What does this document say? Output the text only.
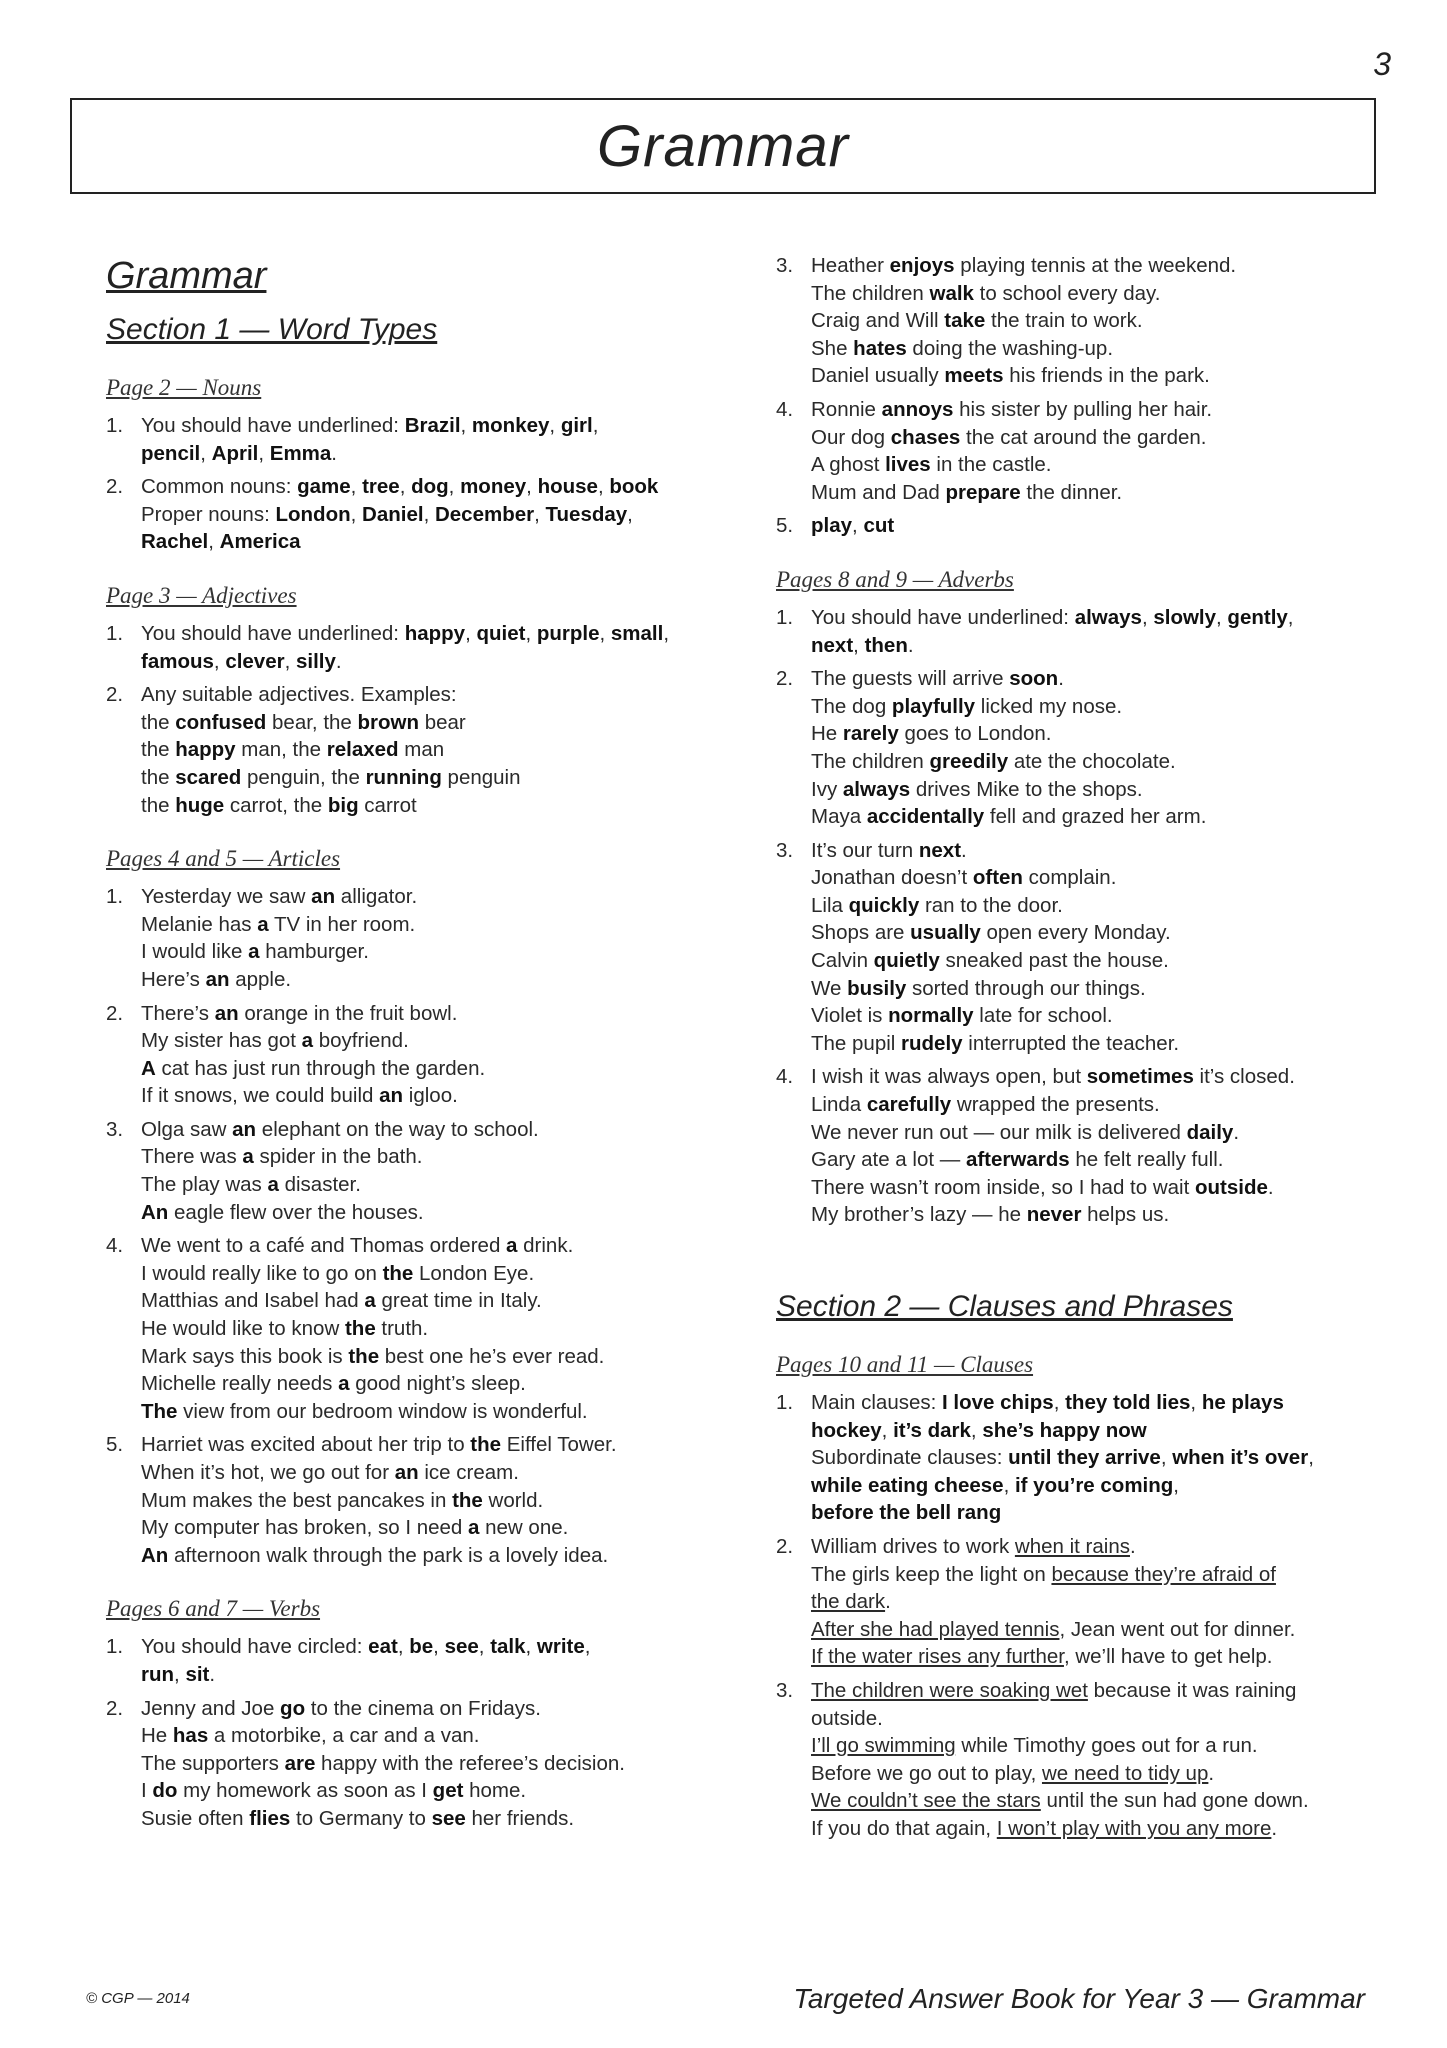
3
Grammar
Grammar
Section 1 — Word Types
Page 2 — Nouns
1. You should have underlined: Brazil, monkey, girl,
pencil, April, Emma.
2. Common nouns: game, tree, dog, money, house, book
Proper nouns: London, Daniel, December, Tuesday,
Rachel, America
Page 3 — Adjectives
1. You should have underlined: happy, quiet, purple, small,
famous, clever, silly.
2. Any suitable adjectives. Examples:
the confused bear, the brown bear
the happy man, the relaxed man
the scared penguin, the running penguin
the huge carrot, the big carrot
Pages 4 and 5 — Articles
1. Yesterday we saw an alligator.
Melanie has a TV in her room.
I would like a hamburger.
Here’s an apple.
2. There’s an orange in the fruit bowl.
My sister has got a boyfriend.
A cat has just run through the garden.
If it snows, we could build an igloo.
3. Olga saw an elephant on the way to school.
There was a spider in the bath.
The play was a disaster.
An eagle flew over the houses.
4. We went to a café and Thomas ordered a drink.
I would really like to go on the London Eye.
Matthias and Isabel had a great time in Italy.
He would like to know the truth.
Mark says this book is the best one he’s ever read.
Michelle really needs a good night’s sleep.
The view from our bedroom window is wonderful.
5. Harriet was excited about her trip to the Eiffel Tower.
When it’s hot, we go out for an ice cream.
Mum makes the best pancakes in the world.
My computer has broken, so I need a new one.
An afternoon walk through the park is a lovely idea.
Pages 6 and 7 — Verbs
1. You should have circled: eat, be, see, talk, write,
run, sit.
2. Jenny and Joe go to the cinema on Fridays.
He has a motorbike, a car and a van.
The supporters are happy with the referee’s decision.
I do my homework as soon as I get home.
Susie often flies to Germany to see her friends.
3. Heather enjoys playing tennis at the weekend.
The children walk to school every day.
Craig and Will take the train to work.
She hates doing the washing-up.
Daniel usually meets his friends in the park.
4. Ronnie annoys his sister by pulling her hair.
Our dog chases the cat around the garden.
A ghost lives in the castle.
Mum and Dad prepare the dinner.
5. play, cut
Pages 8 and 9 — Adverbs
1. You should have underlined: always, slowly, gently,
next, then.
2. The guests will arrive soon.
The dog playfully licked my nose.
He rarely goes to London.
The children greedily ate the chocolate.
Ivy always drives Mike to the shops.
Maya accidentally fell and grazed her arm.
3. It’s our turn next.
Jonathan doesn’t often complain.
Lila quickly ran to the door.
Shops are usually open every Monday.
Calvin quietly sneaked past the house.
We busily sorted through our things.
Violet is normally late for school.
The pupil rudely interrupted the teacher.
4. I wish it was always open, but sometimes it’s closed.
Linda carefully wrapped the presents.
We never run out — our milk is delivered daily.
Gary ate a lot — afterwards he felt really full.
There wasn’t room inside, so I had to wait outside.
My brother’s lazy — he never helps us.
Section 2 — Clauses and Phrases
Pages 10 and 11 — Clauses
1. Main clauses: I love chips, they told lies, he plays
hockey, it’s dark, she’s happy now
Subordinate clauses: until they arrive, when it’s over,
while eating cheese, if you’re coming,
before the bell rang
2. William drives to work when it rains.
The girls keep the light on because they’re afraid of
the dark.
After she had played tennis, Jean went out for dinner.
If the water rises any further, we’ll have to get help.
3. The children were soaking wet because it was raining
outside.
I’ll go swimming while Timothy goes out for a run.
Before we go out to play, we need to tidy up.
We couldn’t see the stars until the sun had gone down.
If you do that again, I won’t play with you any more.
© CGP — 2014	Targeted Answer Book for Year 3 — Grammar
